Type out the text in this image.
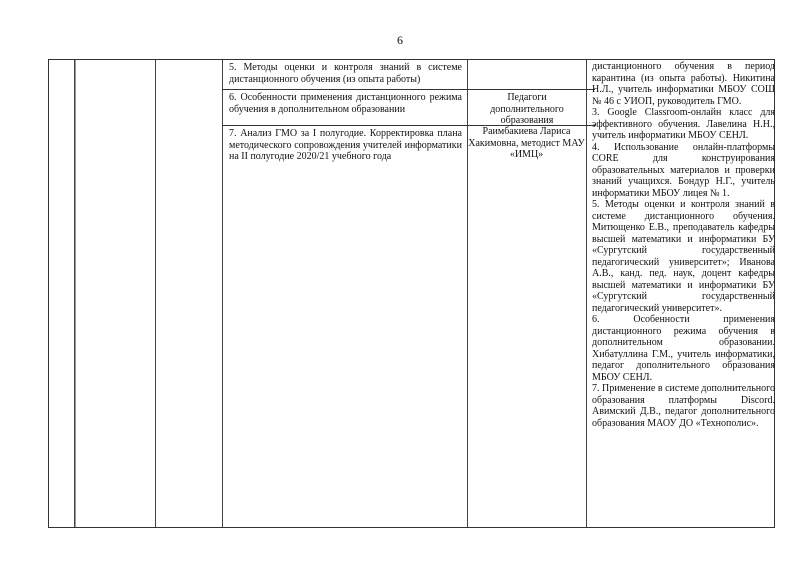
6
5. Методы оценки и контроля знаний в системе дистанционного обучения (из опыта работы)
6. Особенности применения дистанционного режима обучения в дополнительном образовании
7. Анализ ГМО за I полугодие. Корректировка плана методического сопровождения учителей информатики на II полугодие 2020/21 учебного года
Педагоги дополнительного образования
Раимбакиева Лариса Хакимовна, методист МАУ «ИМЦ»
дистанционного обучения в период карантина (из опыта работы). Никитина Н.Л., учитель информатики МБОУ СОШ № 46 с УИОП, руководитель ГМО.
3. Google Classroom-онлайн класс для эффективного обучения. Лавелина Н.Н., учитель информатики МБОУ СЕНЛ.
4. Использование онлайн-платформы CORE для конструирования образовательных материалов и проверки знаний учащихся. Бондур Н.Г., учитель информатики МБОУ лицея № 1.
5. Методы оценки и контроля знаний в системе дистанционного обучения. Митющенко Е.В., преподаватель кафедры высшей математики и информатики БУ «Сургутский государственный педагогический университет»; Иванова А.В., канд. пед. наук, доцент кафедры высшей математики и информатики БУ «Сургутский государственный педагогический университет».
6. Особенности применения дистанционного режима обучения в дополнительном образовании. Хибатуллина Г.М., учитель информатики, педагог дополнительного образования МБОУ СЕНЛ.
7. Применение в системе дополнительного образования платформы Discord. Авимский Д.В., педагог дополнительного образования МАОУ ДО «Технополис».
